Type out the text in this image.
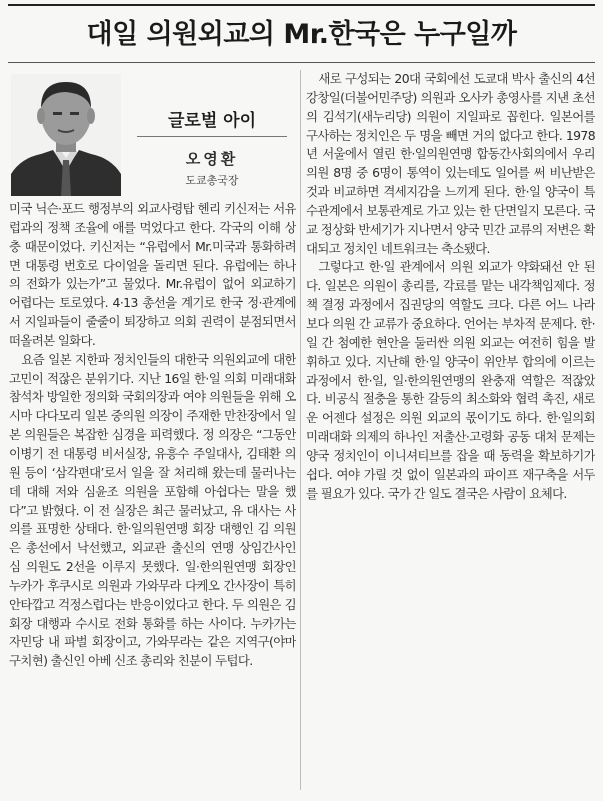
대일 의원외교의 Mr.한국은 누구일까
글로벌 아이
오영환
도쿄총국장

미국 닉슨·포드 행정부의 외교사령탑 헨리 키신저는 서유럽과의 정책 조율에 애를 먹었다고 한다. 각국의 이해 상충 때문이었다. 키신저는 “유럽에서 Mr.미국과 통화하려면 대통령 번호로 다이얼을 돌리면 된다. 유럽에는 하나의 전화가 있는가”고 물었다. Mr.유럽이 없어 외교하기 어렵다는 토로였다. 4·13 총선을 계기로 한국 정·관계에서 지일파들이 줄줄이 퇴장하고 의회 권력이 분점되면서 떠올려본 일화다.

요즘 일본 지한파 정치인들의 대한국 의원외교에 대한 고민이 적잖은 분위기다. 지난 16일 한·일 의회 미래대화 참석차 방일한 정의화 국회의장과 여야 의원들을 위해 오시마 다다모리 일본 중의원 의장이 주재한 만찬장에서 일본 의원들은 복잡한 심경을 피력했다. 정 의장은 “그동안 이병기 전 대통령 비서실장, 유흥수 주일대사, 김태환 의원 등이 ‘삼각편대’로서 일을 잘 처리해 왔는데 물러나는 데 대해 저와 심윤조 의원을 포함해 아쉽다는 말을 했다”고 밝혔다. 이 전 실장은 최근 물러났고, 유 대사는 사의를 표명한 상태다. 한·일의원연맹 회장 대행인 김 의원은 총선에서 낙선했고, 외교관 출신의 연맹 상임간사인 심 의원도 2선을 이루지 못했다. 일·한의원연맹 회장인 누카가 후쿠시로 의원과 가와무라 다케오 간사장이 특히 안타깝고 걱정스럽다는 반응이었다고 한다. 두 의원은 김 회장 대행과 수시로 전화 통화를 하는 사이다. 누카가는 자민당 내 파벌 회장이고, 가와무라는 같은 지역구(야마구치현) 출신인 아베 신조 총리와 친분이 두텁다.

새로 구성되는 20대 국회에선 도쿄대 박사 출신의 4선 강창일(더불어민주당) 의원과 오사카 총영사를 지낸 초선의 김석기(새누리당) 의원이 지일파로 꼽힌다. 일본어를 구사하는 정치인은 두 명을 빼면 거의 없다고 한다. 1978년 서울에서 열린 한·일의원연맹 합동간사회의에서 우리 의원 8명 중 6명이 통역이 있는데도 일어를 써 비난받은 것과 비교하면 격세지감을 느끼게 된다. 한·일 양국이 특수관계에서 보통관계로 가고 있는 한 단면일지 모른다. 국교 정상화 반세기가 지나면서 양국 민간 교류의 저변은 확대되고 정치인 네트워크는 축소됐다.

그렇다고 한·일 관계에서 의원 외교가 약화돼선 안 된다. 일본은 의원이 총리를, 각료를 맡는 내각책임제다. 정책 결정 과정에서 집권당의 역할도 크다. 다른 어느 나라보다 의원 간 교류가 중요하다. 언어는 부차적 문제다. 한·일 간 첨예한 현안을 둘러싼 의원 외교는 여전히 힘을 발휘하고 있다. 지난해 한·일 양국이 위안부 합의에 이르는 과정에서 한·일, 일·한의원연맹의 완충재 역할은 적잖았다. 비공식 절충을 통한 갈등의 최소화와 협력 촉진, 새로운 어젠다 설정은 의원 외교의 몫이기도 하다. 한·일의회 미래대화 의제의 하나인 저출산·고령화 공동 대처 문제는 양국 정치인이 이니셔티브를 잡을 때 동력을 확보하기가 쉽다. 여야 가릴 것 없이 일본과의 파이프 재구축을 서두를 필요가 있다. 국가 간 일도 결국은 사람이 요체다.
